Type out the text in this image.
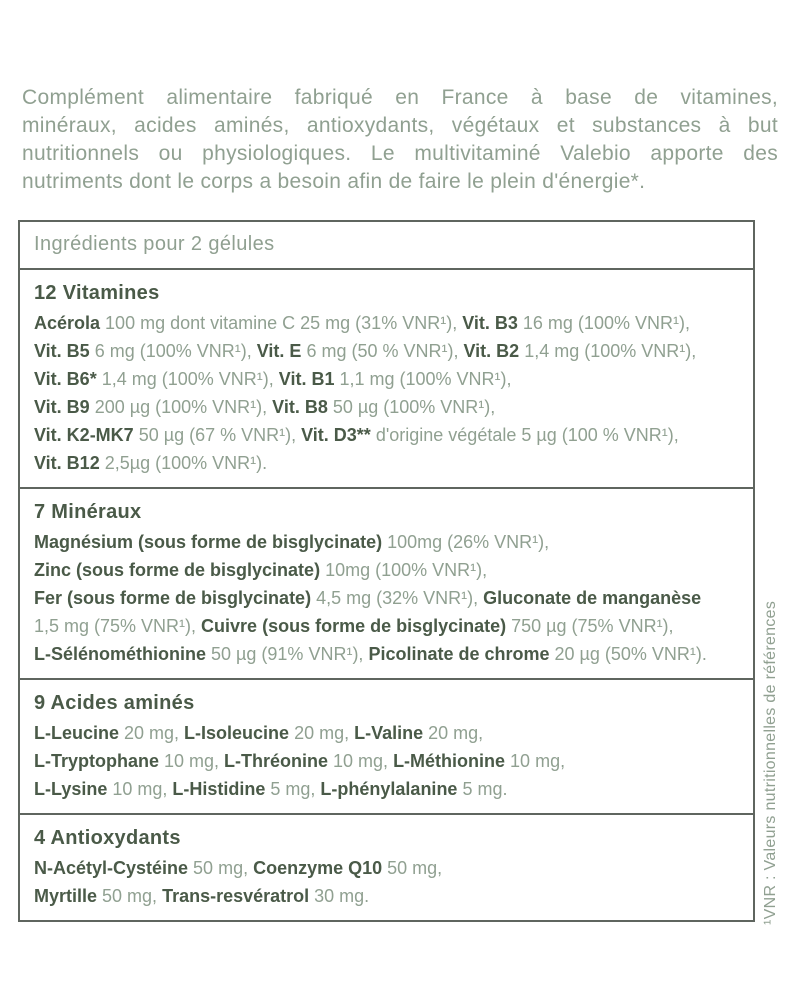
Complément alimentaire fabriqué en France à base de vitamines,
minéraux, acides aminés, antioxydants, végétaux et substances à but
nutritionnels ou physiologiques. Le multivitaminé Valebio apporte des
nutriments dont le corps a besoin afin de faire le plein d'énergie*.
Ingrédients pour 2 gélules
12 Vitamines
Acérola 100 mg dont vitamine C 25 mg (31% VNR¹), Vit. B3 16 mg (100% VNR¹),
Vit. B5 6 mg (100% VNR¹), Vit. E 6 mg (50 % VNR¹), Vit. B2 1,4 mg (100% VNR¹),
Vit. B6* 1,4 mg (100% VNR¹), Vit. B1 1,1 mg (100% VNR¹),
Vit. B9 200 µg (100% VNR¹), Vit. B8 50 µg (100% VNR¹),
Vit. K2-MK7 50 µg (67 % VNR¹), Vit. D3** d'origine végétale 5 µg (100 % VNR¹),
Vit. B12 2,5µg (100% VNR¹).
7 Minéraux
Magnésium (sous forme de bisglycinate) 100mg (26% VNR¹),
Zinc (sous forme de bisglycinate) 10mg (100% VNR¹),
Fer (sous forme de bisglycinate) 4,5 mg (32% VNR¹), Gluconate de manganèse
1,5 mg (75% VNR¹), Cuivre (sous forme de bisglycinate) 750 µg (75% VNR¹),
L-Sélénométhionine 50 µg (91% VNR¹), Picolinate de chrome 20 µg (50% VNR¹).
9 Acides aminés
L-Leucine 20 mg, L-Isoleucine 20 mg, L-Valine 20 mg,
L-Tryptophane 10 mg, L-Thréonine 10 mg, L-Méthionine 10 mg,
L-Lysine 10 mg, L-Histidine 5 mg, L-phénylalanine 5 mg.
4 Antioxydants
N-Acétyl-Cystéine 50 mg, Coenzyme Q10 50 mg,
Myrtille 50 mg, Trans-resvératrol 30 mg.	¹VNR : Valeurs nutritionnelles de références
